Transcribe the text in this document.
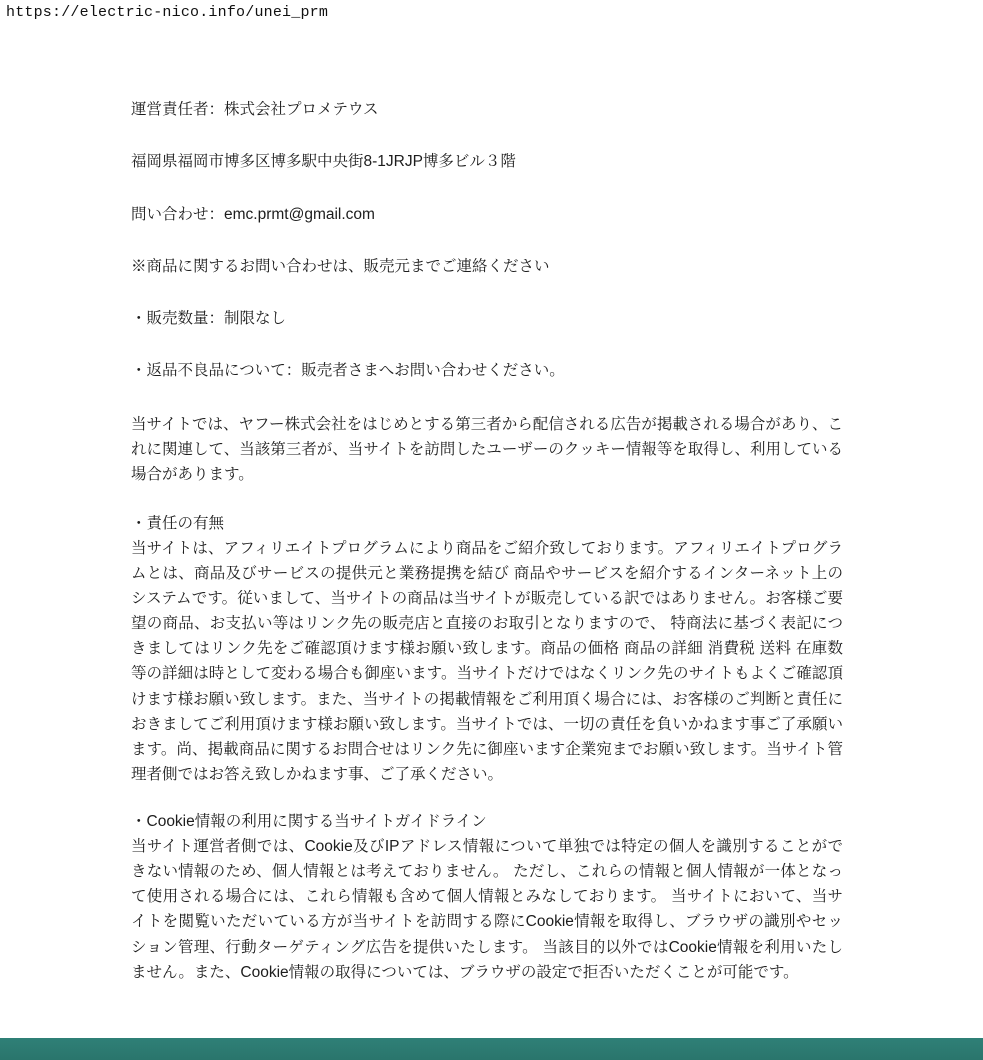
https://electric-nico.info/unei_prm

運営責任者：株式会社プロメテウス

福岡県福岡市博多区博多駅中央街8-1JRJP博多ビル３階

問い合わせ：emc.prmt@gmail.com

※商品に関するお問い合わせは、販売元までご連絡ください

・販売数量：制限なし

・返品不良品について：販売者さまへお問い合わせください。

当サイトでは、ヤフー株式会社をはじめとする第三者から配信される広告が掲載される場合があり、これに関連して、当該第三者が、当サイトを訪問したユーザーのクッキー情報等を取得し、利用している場合があります。

・責任の有無

当サイトは、アフィリエイトプログラムにより商品をご紹介致しております。アフィリエイトプログラムとは、商品及びサービスの提供元と業務提携を結び 商品やサービスを紹介するインターネット上のシステムです。従いまして、当サイトの商品は当サイトが販売している訳ではありません。お客様ご要望の商品、お支払い等はリンク先の販売店と直接のお取引となりますので、 特商法に基づく表記につきましてはリンク先をご確認頂けます様お願い致します。商品の価格 商品の詳細 消費税 送料 在庫数等の詳細は時として変わる場合も御座います。当サイトだけではなくリンク先のサイトもよくご確認頂けます様お願い致します。また、当サイトの掲載情報をご利用頂く場合には、お客様のご判断と責任におきましてご利用頂けます様お願い致します。当サイトでは、一切の責任を負いかねます事ご了承願います。尚、掲載商品に関するお問合せはリンク先に御座います企業宛までお願い致します。当サイト管理者側ではお答え致しかねます事、ご了承ください。

・Cookie情報の利用に関する当サイトガイドライン

当サイト運営者側では、Cookie及びIPアドレス情報について単独では特定の個人を識別することができない情報のため、個人情報とは考えておりません。 ただし、これらの情報と個人情報が一体となって使用される場合には、これら情報も含めて個人情報とみなしております。 当サイトにおいて、当サイトを閲覧いただいている方が当サイトを訪問する際にCookie情報を取得し、ブラウザの識別やセッション管理、行動ターゲティング広告を提供いたします。 当該目的以外ではCookie情報を利用いたしません。また、Cookie情報の取得については、ブラウザの設定で拒否いただくことが可能です。
